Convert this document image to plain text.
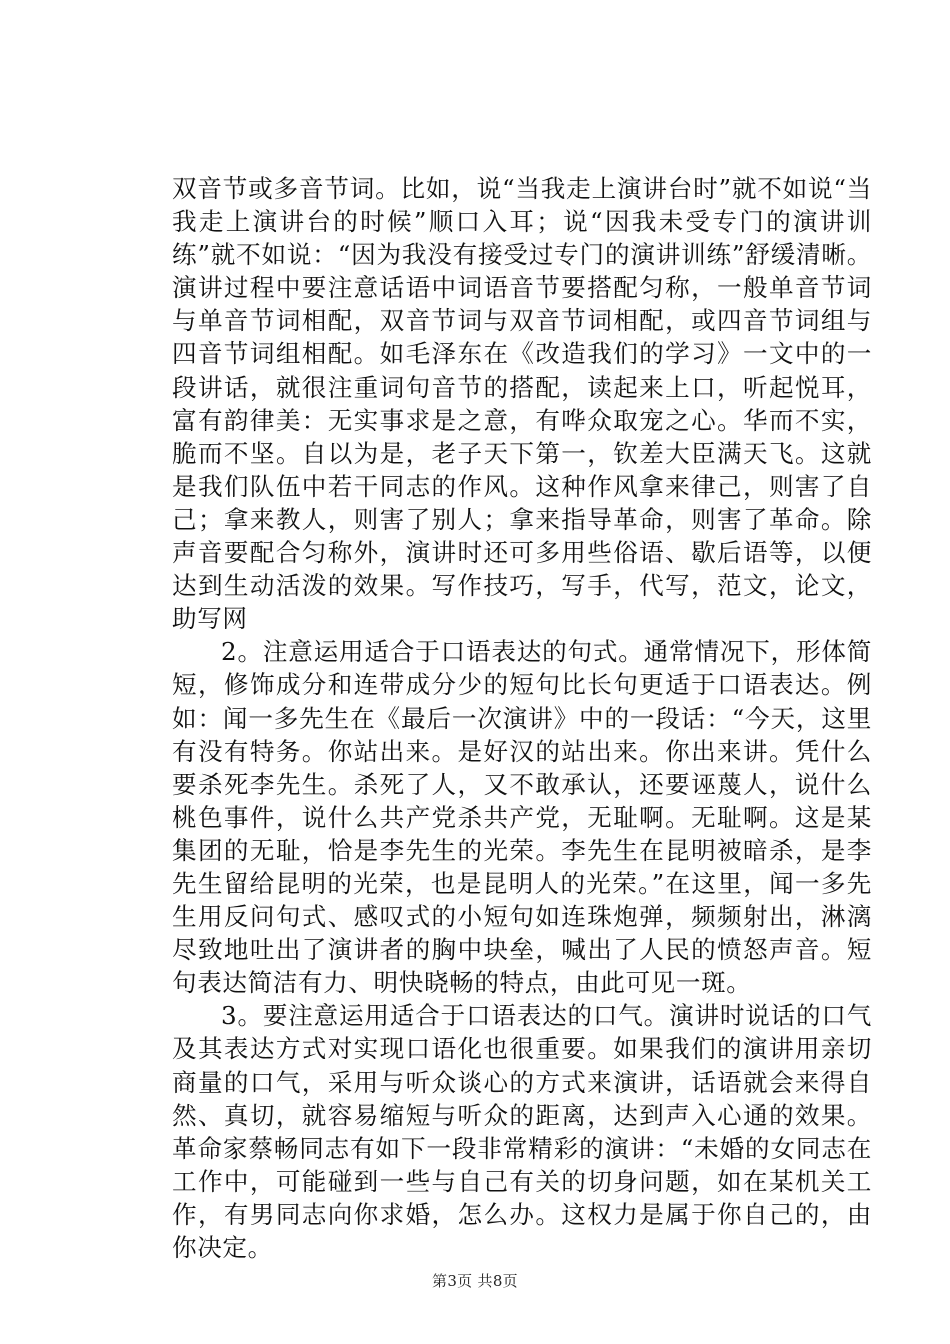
双音节或多音节词。比如，说“当我走上演讲台时”就不如说“当我走上演讲台的时候”顺口入耳；说“因我未受专门的演讲训练”就不如说：“因为我没有接受过专门的演讲训练”舒缓清晰。演讲过程中要注意话语中词语音节要搭配匀称，一般单音节词与单音节词相配，双音节词与双音节词相配，或四音节词组与四音节词组相配。如毛泽东在《改造我们的学习》一文中的一段讲话，就很注重词句音节的搭配，读起来上口，听起悦耳，富有韵律美：无实事求是之意，有哗众取宠之心。华而不实，脆而不坚。自以为是，老子天下第一，钦差大臣满天飞。这就是我们队伍中若干同志的作风。这种作风拿来律己，则害了自己；拿来教人，则害了别人；拿来指导革命，则害了革命。除声音要配合匀称外，演讲时还可多用些俗语、歇后语等，以便达到生动活泼的效果。写作技巧，写手，代写，范文，论文，助写网

2。注意运用适合于口语表达的句式。通常情况下，形体简短，修饰成分和连带成分少的短句比长句更适于口语表达。例如：闻一多先生在《最后一次演讲》中的一段话：“今天，这里有没有特务。你站出来。是好汉的站出来。你出来讲。凭什么要杀死李先生。杀死了人，又不敢承认，还要诬蔑人，说什么桃色事件，说什么共产党杀共产党，无耻啊。无耻啊。这是某集团的无耻，恰是李先生的光荣。李先生在昆明被暗杀，是李先生留给昆明的光荣，也是昆明人的光荣。”在这里，闻一多先生用反问句式、感叹式的小短句如连珠炮弹，频频射出，淋漓尽致地吐出了演讲者的胸中块垒，喊出了人民的愤怒声音。短句表达简洁有力、明快晓畅的特点，由此可见一斑。

3。要注意运用适合于口语表达的口气。演讲时说话的口气及其表达方式对实现口语化也很重要。如果我们的演讲用亲切商量的口气，采用与听众谈心的方式来演讲，话语就会来得自然、真切，就容易缩短与听众的距离，达到声入心通的效果。革命家蔡畅同志有如下一段非常精彩的演讲：“未婚的女同志在工作中，可能碰到一些与自己有关的切身问题，如在某机关工作，有男同志向你求婚，怎么办。这权力是属于你自己的，由你决定。

第3页 共8页
